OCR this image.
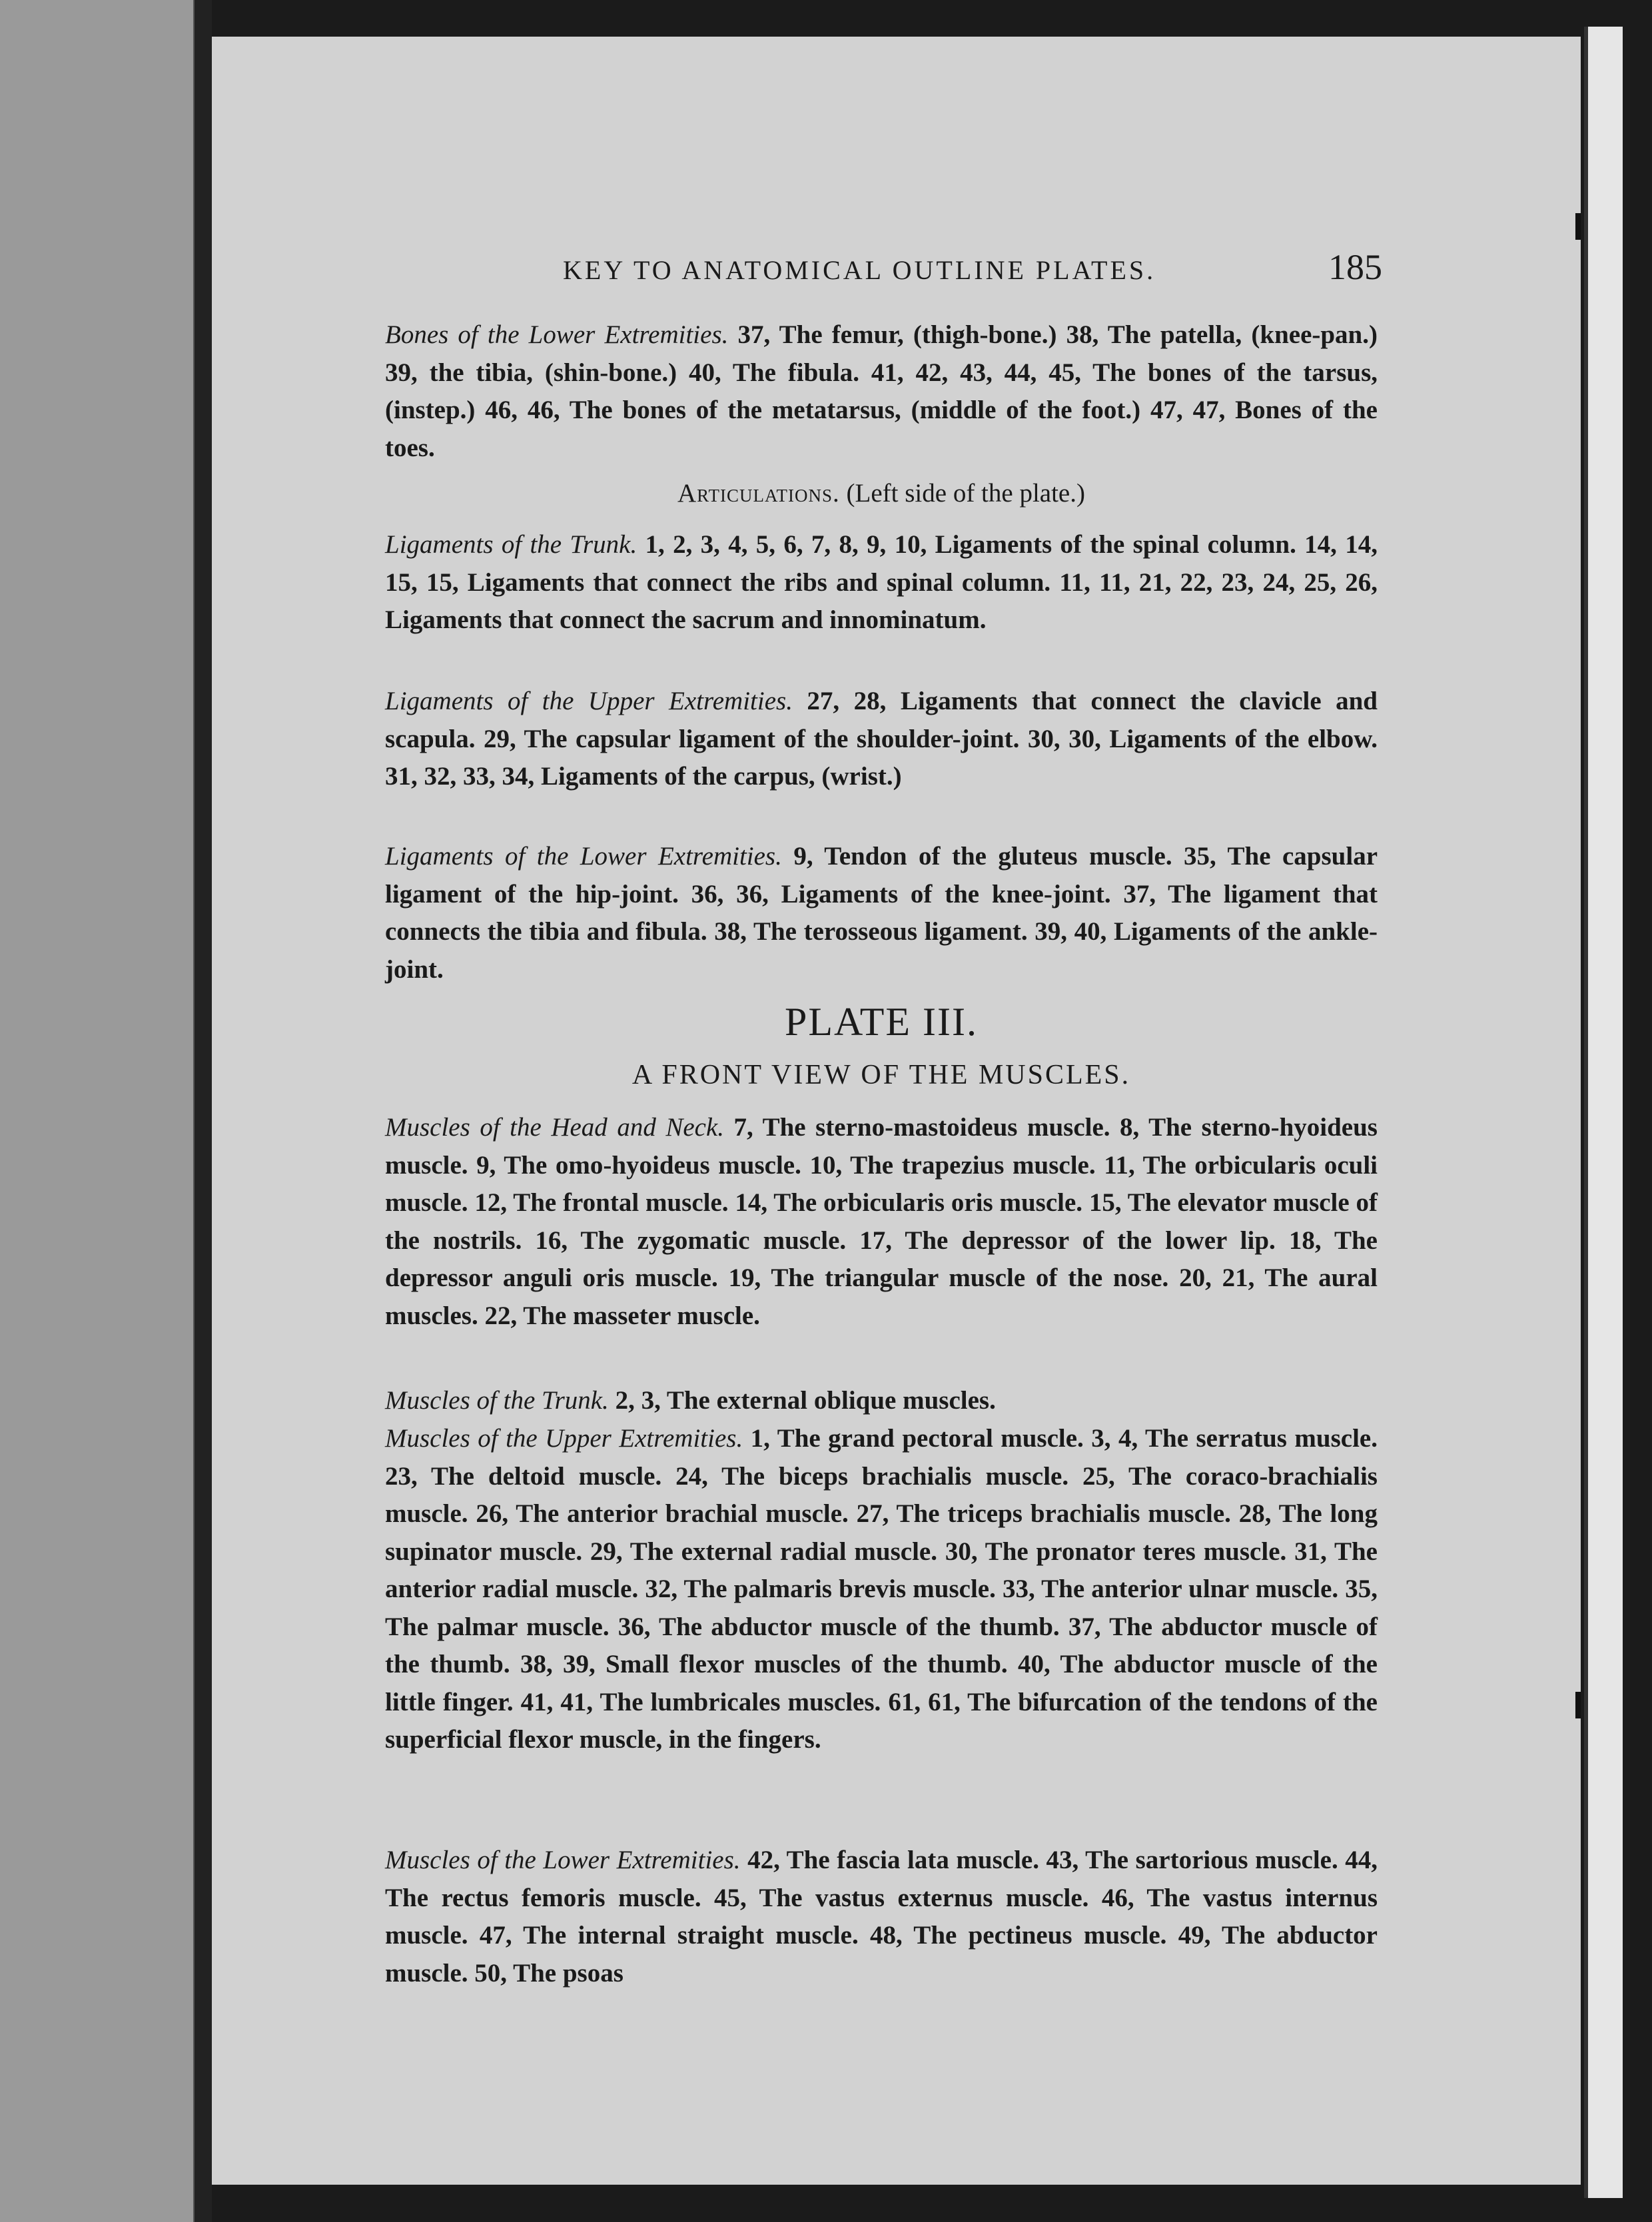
KEY TO ANATOMICAL OUTLINE PLATES.	185

Bones of the Lower Extremities. 37, The femur, (thigh-bone.) 38, The patella, (knee-pan.) 39, the tibia, (shin-bone.) 40, The fibula. 41, 42, 43, 44, 45, The bones of the tarsus, (instep.) 46, 46, The bones of the metatarsus, (middle of the foot.) 47, 47, Bones of the toes.

Articulations. (Left side of the plate.)

Ligaments of the Trunk. 1, 2, 3, 4, 5, 6, 7, 8, 9, 10, Ligaments of the spinal column. 14, 14, 15, 15, Ligaments that connect the ribs and spinal column. 11, 11, 21, 22, 23, 24, 25, 26, Ligaments that connect the sacrum and innominatum.

Ligaments of the Upper Extremities. 27, 28, Ligaments that connect the clavicle and scapula. 29, The capsular ligament of the shoulder-joint. 30, 30, Ligaments of the elbow. 31, 32, 33, 34, Ligaments of the carpus, (wrist.)

Ligaments of the Lower Extremities. 9, Tendon of the gluteus muscle. 35, The capsular ligament of the hip-joint. 36, 36, Ligaments of the knee-joint. 37, The ligament that connects the tibia and fibula. 38, The terosseous ligament. 39, 40, Ligaments of the ankle-joint.

PLATE III.

A FRONT VIEW OF THE MUSCLES.

Muscles of the Head and Neck. 7, The sterno-mastoideus muscle. 8, The sterno-hyoideus muscle. 9, The omo-hyoideus muscle. 10, The trapezius muscle. 11, The orbicularis oculi muscle. 12, The frontal muscle. 14, The orbicularis oris muscle. 15, The elevator muscle of the nostrils. 16, The zygomatic muscle. 17, The depressor of the lower lip. 18, The depressor anguli oris muscle. 19, The triangular muscle of the nose. 20, 21, The aural muscles. 22, The masseter muscle.

Muscles of the Trunk. 2, 3, The external oblique muscles.

Muscles of the Upper Extremities. 1, The grand pectoral muscle. 3, 4, The serratus muscle. 23, The deltoid muscle. 24, The biceps brachialis muscle. 25, The coraco-brachialis muscle. 26, The anterior brachial muscle. 27, The triceps brachialis muscle. 28, The long supinator muscle. 29, The external radial muscle. 30, The pronator teres muscle. 31, The anterior radial muscle. 32, The palmaris brevis muscle. 33, The anterior ulnar muscle. 35, The palmar muscle. 36, The abductor muscle of the thumb. 37, The abductor muscle of the thumb. 38, 39, Small flexor muscles of the thumb. 40, The abductor muscle of the little finger. 41, 41, The lumbricales muscles. 61, 61, The bifurcation of the tendons of the superficial flexor muscle, in the fingers.

Muscles of the Lower Extremities. 42, The fascia lata muscle. 43, The sartorious muscle. 44, The rectus femoris muscle. 45, The vastus externus muscle. 46, The vastus internus muscle. 47, The internal straight muscle. 48, The pectineus muscle. 49, The abductor muscle. 50, The psoas
